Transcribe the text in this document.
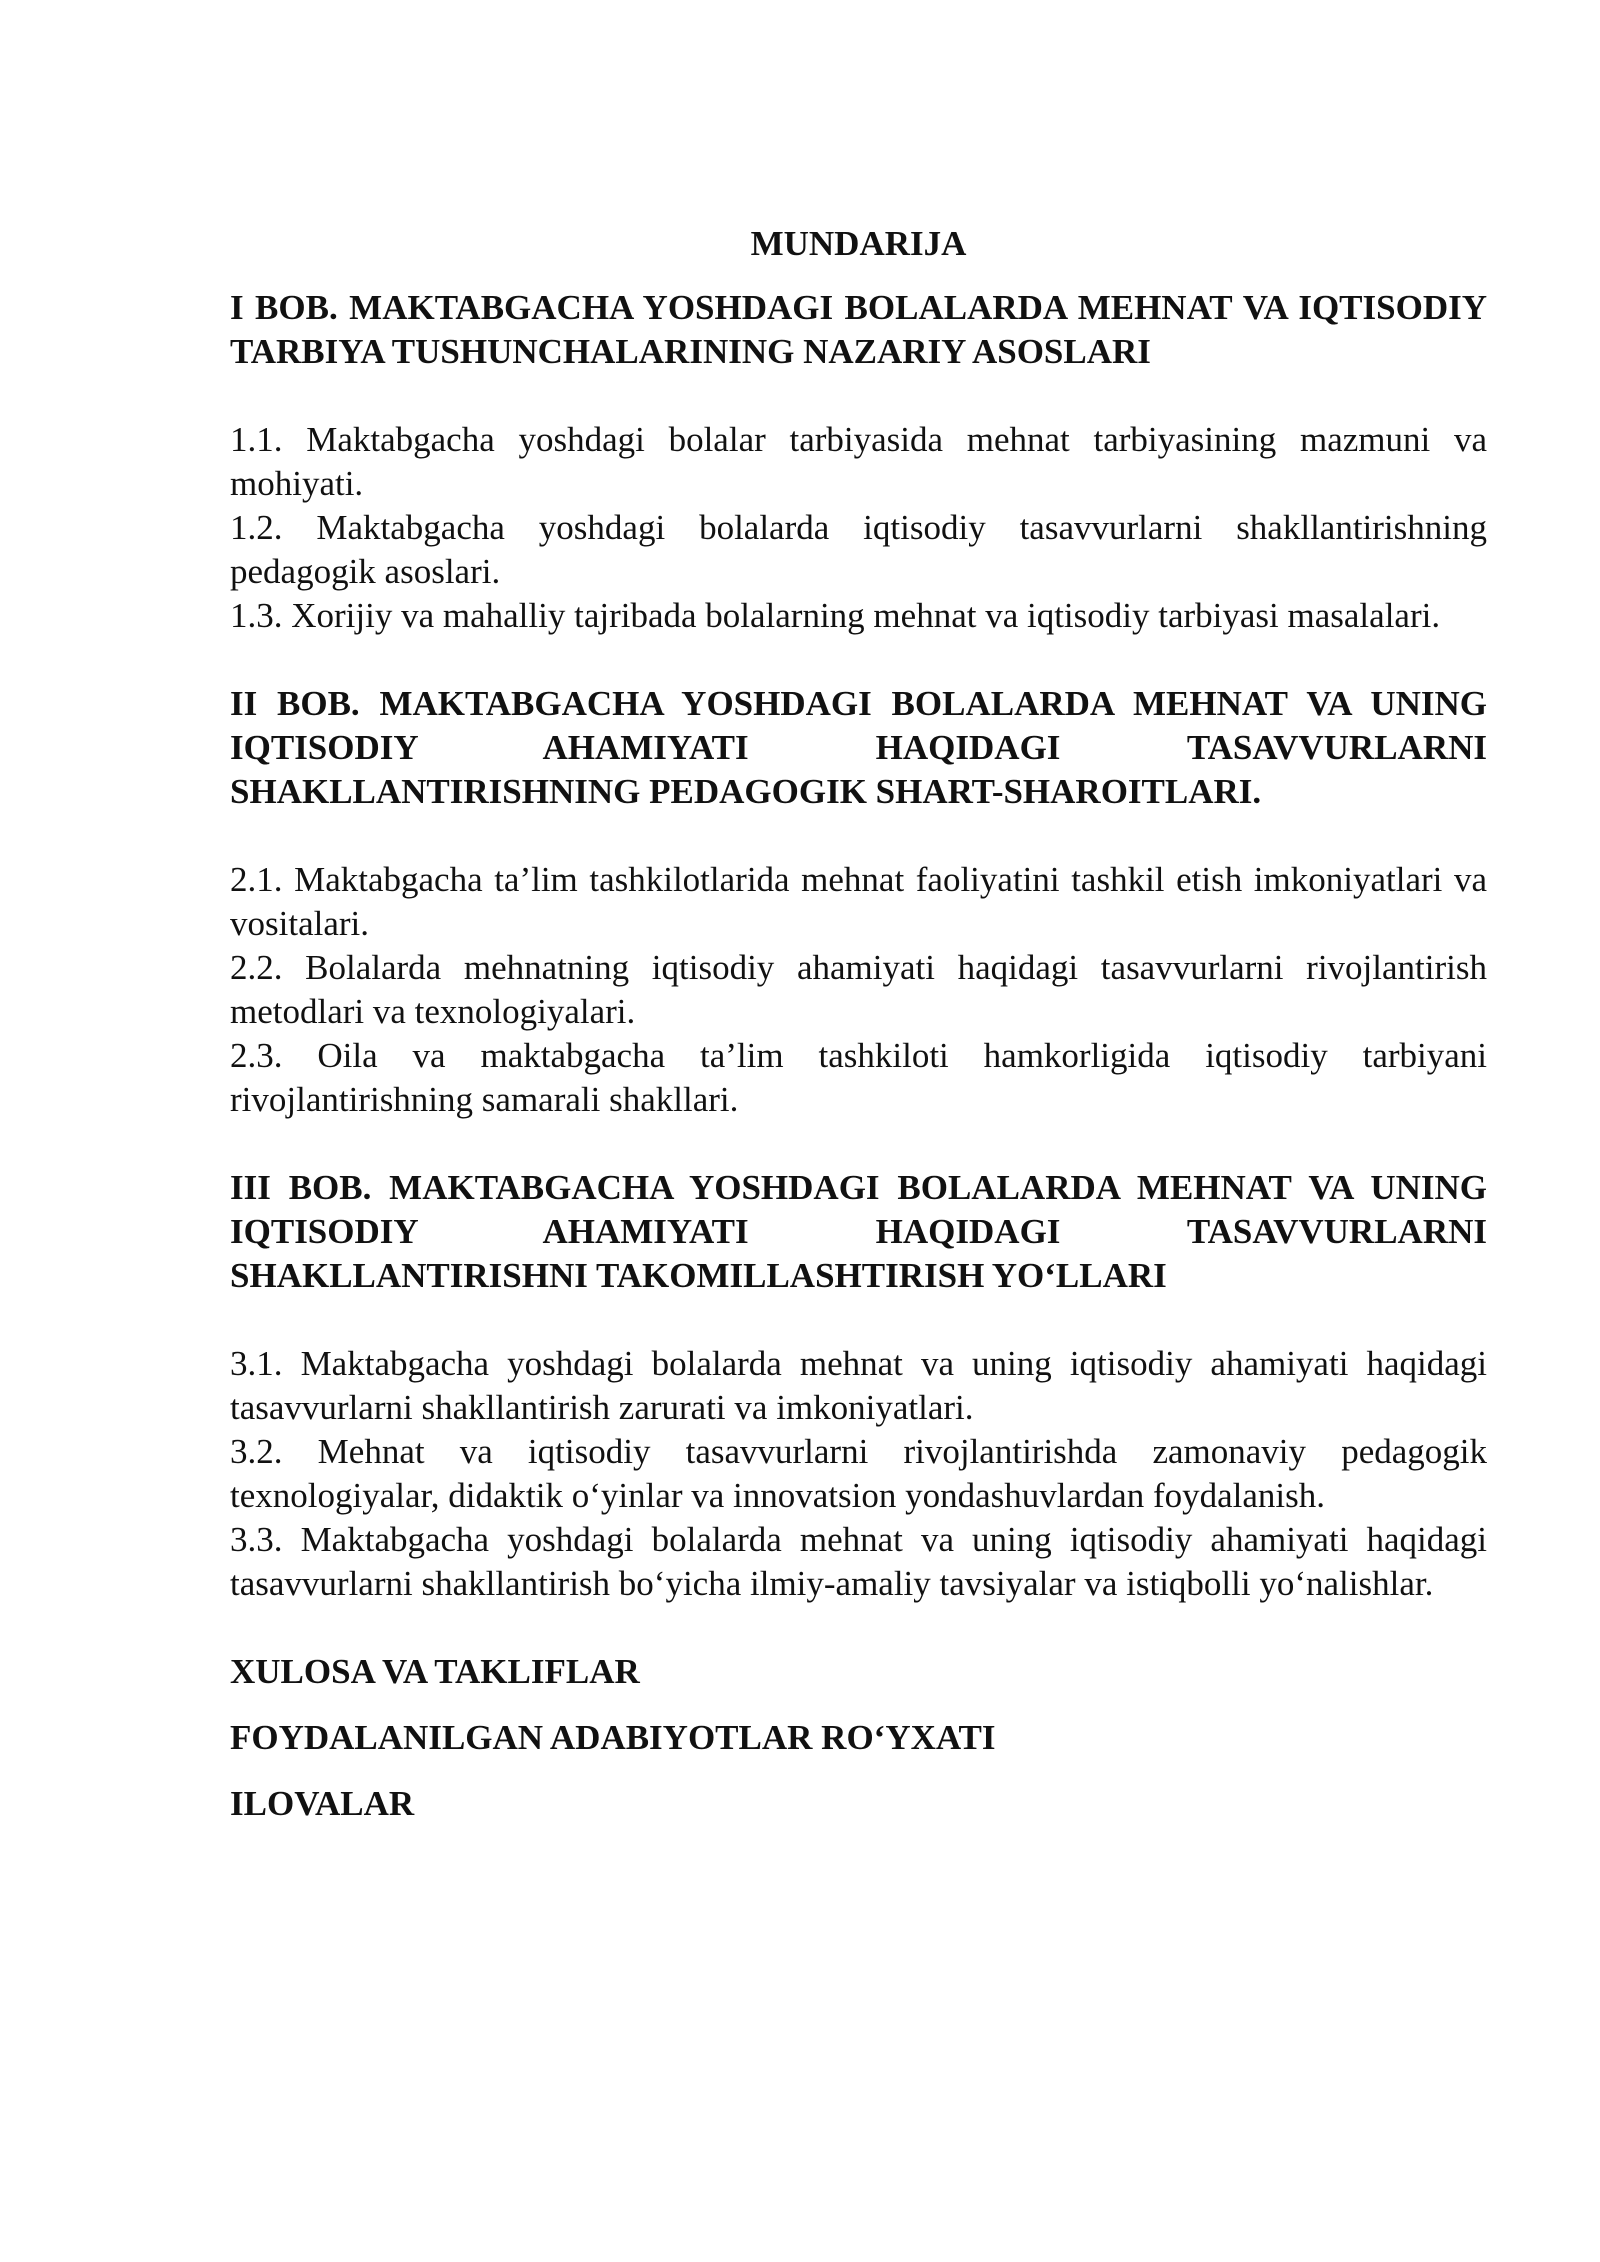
MUNDARIJA

I BOB. MAKTABGACHA YOSHDAGI BOLALARDA MEHNAT VA IQTISODIY TARBIYA TUSHUNCHALARINING NAZARIY ASOSLARI

1.1. Maktabgacha yoshdagi bolalar tarbiyasida mehnat tarbiyasining mazmuni va mohiyati.

1.2. Maktabgacha yoshdagi bolalarda iqtisodiy tasavvurlarni shakllantirishning pedagogik asoslari.

1.3. Xorijiy va mahalliy tajribada bolalarning mehnat va iqtisodiy tarbiyasi masalalari.

II BOB. MAKTABGACHA YOSHDAGI BOLALARDA MEHNAT VA UNING IQTISODIY AHAMIYATI HAQIDAGI TASAVVURLARNI SHAKLLANTIRISHNING PEDAGOGIK SHART-SHAROITLARI.

2.1. Maktabgacha ta’lim tashkilotlarida mehnat faoliyatini tashkil etish imkoniyatlari va vositalari.

2.2. Bolalarda mehnatning iqtisodiy ahamiyati haqidagi tasavvurlarni rivojlantirish metodlari va texnologiyalari.

2.3. Oila va maktabgacha ta’lim tashkiloti hamkorligida iqtisodiy tarbiyani rivojlantirishning samarali shakllari.

III BOB. MAKTABGACHA YOSHDAGI BOLALARDA MEHNAT VA UNING IQTISODIY AHAMIYATI HAQIDAGI TASAVVURLARNI SHAKLLANTIRISHNI TAKOMILLASHTIRISH YO‘LLARI

3.1. Maktabgacha yoshdagi bolalarda mehnat va uning iqtisodiy ahamiyati haqidagi tasavvurlarni shakllantirish zarurati va imkoniyatlari.

3.2. Mehnat va iqtisodiy tasavvurlarni rivojlantirishda zamonaviy pedagogik texnologiyalar, didaktik o‘yinlar va innovatsion yondashuvlardan foydalanish.

3.3. Maktabgacha yoshdagi bolalarda mehnat va uning iqtisodiy ahamiyati haqidagi tasavvurlarni shakllantirish bo‘yicha ilmiy-amaliy tavsiyalar va istiqbolli yo‘nalishlar.

XULOSA VA TAKLIFLAR

FOYDALANILGAN ADABIYOTLAR RO‘YXATI

ILOVALAR
